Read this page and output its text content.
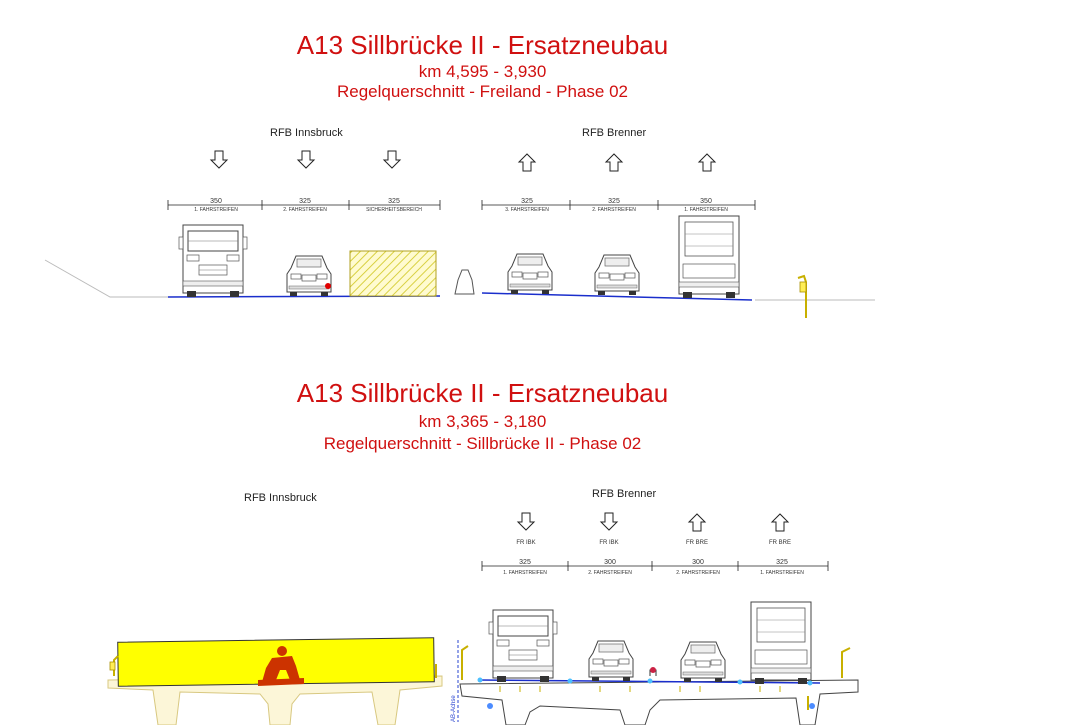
A13 Sillbrücke II - Ersatzneubau
km 4,595 - 3,930
Regelquerschnitt - Freiland - Phase 02
RFB Innsbruck	RFB Brenner
A13 Sillbrücke II - Ersatzneubau
km 3,365 - 3,180
Regelquerschnitt - Sillbrücke II - Phase 02
RFB Innsbruck	RFB Brenner
350
1. FAHRSTREIFEN
325
2. FAHRSTREIFEN
325
SICHERHEITSBEREICH
325
3. FAHRSTREIFEN
325
2. FAHRSTREIFEN
350
1. FAHRSTREIFEN
FR IBK	FR IBK	FR BRE	FR BRE
325
1. FAHRSTREIFEN
300
2. FAHRSTREIFEN
300
2. FAHRSTREIFEN
325
1. FAHRSTREIFEN
AB-Achse
